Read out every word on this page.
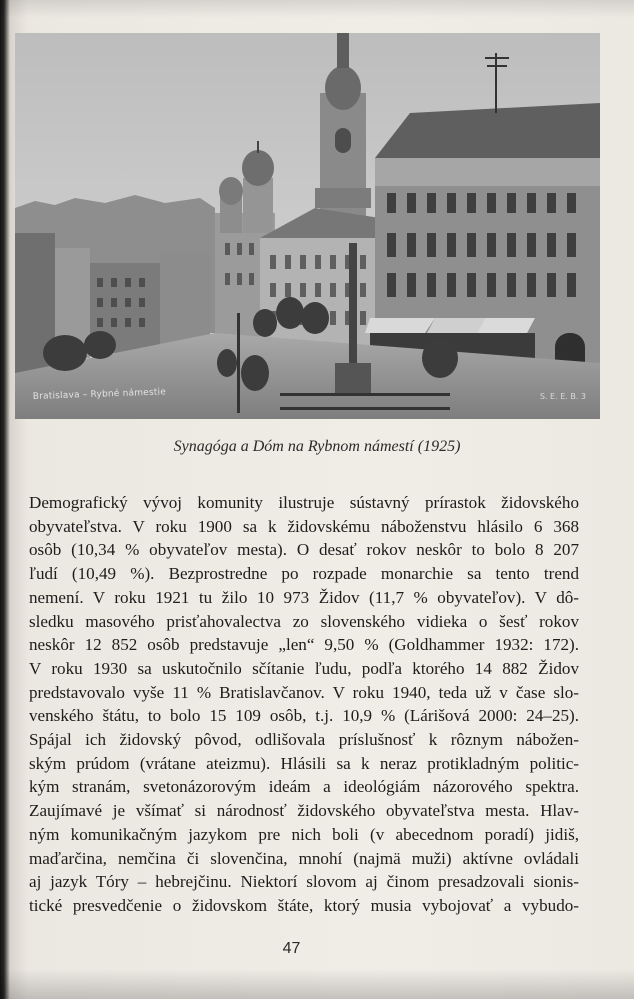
Bratislava – Rybné námestie	S. E. E. B. 3
Synagóga a Dóm na Rybnom námestí (1925)
Demografický vývoj komunity ilustruje sústavný prírastok židovského
obyvateľstva. V roku 1900 sa k židovskému náboženstvu hlásilo 6 368
osôb (10,34 % obyvateľov mesta). O desať rokov neskôr to bolo 8 207
ľudí (10,49 %). Bezprostredne po rozpade monarchie sa tento trend
nemení. V roku 1921 tu žilo 10 973 Židov (11,7 % obyvateľov). V dô-
sledku masového prisťahovalectva zo slovenského vidieka o šesť rokov
neskôr 12 852 osôb predstavuje „len“ 9,50 % (Goldhammer 1932: 172).
V roku 1930 sa uskutočnilo sčítanie ľudu, podľa ktorého 14 882 Židov
predstavovalo vyše 11 % Bratislavčanov. V roku 1940, teda už v čase slo-
venského štátu, to bolo 15 109 osôb, t.j. 10,9 % (Lárišová 2000: 24–25).
Spájal ich židovský pôvod, odlišovala príslušnosť k rôznym nábožen-
ským prúdom (vrátane ateizmu). Hlásili sa k neraz protikladným politic-
kým stranám, svetonázorovým ideám a ideológiám názorového spektra.
Zaujímavé je všímať si národnosť židovského obyvateľstva mesta. Hlav-
ným komunikačným jazykom pre nich boli (v abecednom poradí) jidiš,
maďarčina, nemčina či slovenčina, mnohí (najmä muži) aktívne ovládali
aj jazyk Tóry – hebrejčinu. Niektorí slovom aj činom presadzovali sionis-
tické presvedčenie o židovskom štáte, ktorý musia vybojovať a vybudo-
47
